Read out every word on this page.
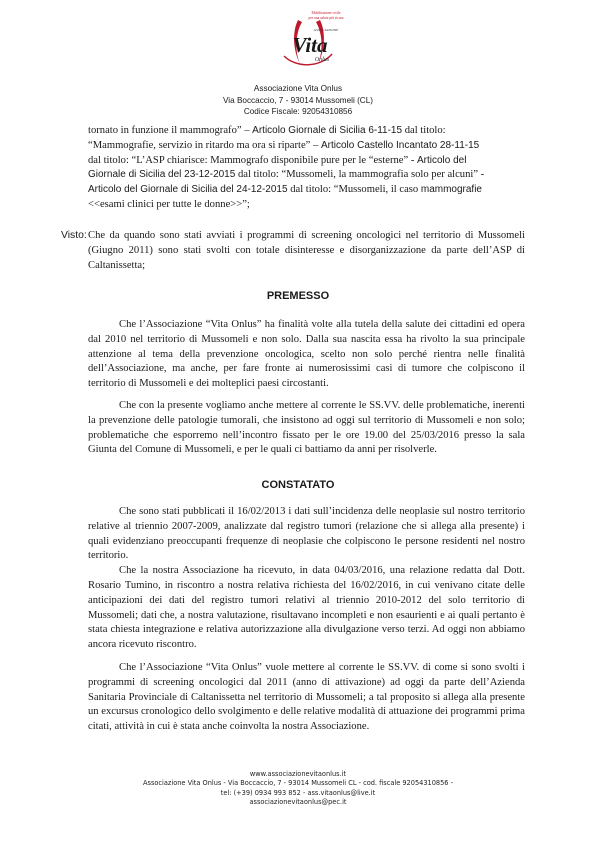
Mobilitazione civile
per una salute più sicura
ASSOCIAZIONE
Vita
Onlus
Associazione Vita Onlus
Via Boccaccio, 7 - 93014 Mussomeli (CL)
Codice Fiscale: 92054310856
tornato in funzione il mammografo” – Articolo Giornale di Sicilia 6-11-15 dal titolo:
“Mammografie, servizio in ritardo ma ora si riparte” – Articolo Castello Incantato 28-11-15
dal titolo: “L’ASP chiarisce: Mammografo disponibile pure per le “esterne” - Articolo del
Giornale di Sicilia del 23-12-2015 dal titolo: “Mussomeli, la mammografia solo per alcuni” -
Articolo del Giornale di Sicilia del 24-12-2015 dal titolo: “Mussomeli, il caso mammografie
<<esami clinici per tutte le donne>>”;
Visto: Che da quando sono stati avviati i programmi di screening oncologici nel territorio di Mussomeli (Giugno 2011) sono stati svolti con totale disinteresse e disorganizzazione da parte dell’ASP di Caltanissetta;
PREMESSO

Che l’Associazione “Vita Onlus” ha finalità volte alla tutela della salute dei cittadini ed opera dal 2010 nel territorio di Mussomeli e non solo. Dalla sua nascita essa ha rivolto la sua principale attenzione al tema della prevenzione oncologica, scelto non solo perché rientra nelle finalità dell’Associazione, ma anche, per fare fronte ai numerosissimi casi di tumore che colpiscono il territorio di Mussomeli e dei molteplici paesi circostanti.

Che con la presente vogliamo anche mettere al corrente le SS.VV. delle problematiche, inerenti la prevenzione delle patologie tumorali, che insistono ad oggi sul territorio di Mussomeli e non solo; problematiche che esporremo nell’incontro fissato per le ore 19.00 del 25/03/2016 presso la sala Giunta del Comune di Mussomeli, e per le quali ci battiamo da anni per risolverle.

CONSTATATO

Che sono stati pubblicati il 16/02/2013 i dati sull’incidenza delle neoplasie sul nostro territorio relative al triennio 2007-2009, analizzate dal registro tumori (relazione che si allega alla presente) i quali evidenziano preoccupanti frequenze di neoplasie che colpiscono le persone residenti nel nostro territorio.

Che la nostra Associazione ha ricevuto, in data 04/03/2016, una relazione redatta dal Dott. Rosario Tumino, in riscontro a nostra relativa richiesta del 16/02/2016, in cui venivano citate delle anticipazioni dei dati del registro tumori relativi al triennio 2010-2012 del solo territorio di Mussomeli; dati che, a nostra valutazione, risultavano incompleti e non esaurienti e ai quali pertanto è stata chiesta integrazione e relativa autorizzazione alla divulgazione verso terzi. Ad oggi non abbiamo ancora ricevuto riscontro.

Che l’Associazione “Vita Onlus” vuole mettere al corrente le SS.VV. di come si sono svolti i programmi di screening oncologici dal 2011 (anno di attivazione) ad oggi da parte dell’Azienda Sanitaria Provinciale di Caltanissetta nel territorio di Mussomeli; a tal proposito si allega alla presente un excursus cronologico dello svolgimento e delle relative modalità di attuazione dei programmi prima citati, attività in cui è stata anche coinvolta la nostra Associazione.

www.associazionevitaonlus.it
Associazione Vita Onlus - Via Boccaccio, 7 - 93014 Mussomeli CL - cod. fiscale 92054310856 -
tel: (+39) 0934 993 852 - ass.vitaonlus@live.it
associazionevitaonlus@pec.it
